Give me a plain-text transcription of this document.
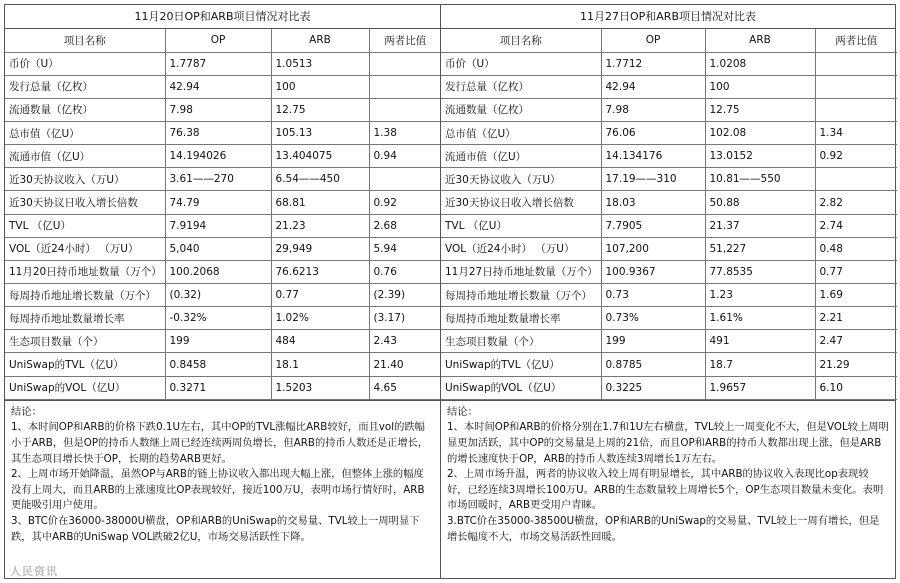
11月20日OP和ARB项目情况对比表
项目名称	OP	ARB	两者比值
币价（U）	1.7787	1.0513	
发行总量（亿枚）	42.94	100	
流通数量（亿枚）	7.98	12.75	
总市值（亿U）	76.38	105.13	1.38
流通市值（亿U）	14.194026	13.404075	0.94
近30天协议收入（万U）	3.61——270	6.54——450	
近30天协议日收入增长倍数	74.79	68.81	0.92
TVL （亿U）	7.9194	21.23	2.68
VOL（近24小时） （万U）	5,040	29,949	5.94
11月20日持币地址数量（万个）	100.2068	76.6213	0.76
每周持币地址增长数量（万个）	(0.32)	0.77	(2.39)
每周持币地址数量增长率	-0.32%	1.02%	(3.17)
生态项目数量（个）	199	484	2.43
UniSwap的TVL（亿U）	0.8458	18.1	21.40
UniSwap的VOL（亿U）	0.3271	1.5203	4.65

结论：

1、本时间OP和ARB的价格下跌0.1U左右，其中OP的TVL涨幅比ARB较好，而且vol的跌幅小于ARB，但是OP的持币人数继上周已经连续两周负增长，但ARB的持币人数还是正增长，其生态项目增长快于OP，长期的趋势ARB更好。

2、上周市场开始降温，虽然OP与ARB的链上协议收入都出现大幅上涨，但整体上涨的幅度没有上周大，而且ARB的上涨速度比OP表现较好，接近100万U，表明市场行情好时，ARB更能吸引用户使用。

3、BTC价在36000-38000U横盘，OP和ARB的UniSwap的交易量、TVL较上一周明显下跌，其中ARB的UniSwap VOL跌破2亿U，市场交易活跃性下降。

11月27日OP和ARB项目情况对比表
项目名称	OP	ARB	两者比值
币价（U）	1.7712	1.0208	
发行总量（亿枚）	42.94	100	
流通数量（亿枚）	7.98	12.75	
总市值（亿U）	76.06	102.08	1.34
流通市值（亿U）	14.134176	13.0152	0.92
近30天协议收入（万U）	17.19——310	10.81——550	
近30天协议日收入增长倍数	18.03	50.88	2.82
TVL （亿U）	7.7905	21.37	2.74
VOL（近24小时） （万U）	107,200	51,227	0.48
11月27日持币地址数量（万个）	100.9367	77.8535	0.77
每周持币地址增长数量（万个）	0.73	1.23	1.69
每周持币地址数量增长率	0.73%	1.61%	2.21
生态项目数量（个）	199	491	2.47
UniSwap的TVL（亿U）	0.8785	18.7	21.29
UniSwap的VOL（亿U）	0.3225	1.9657	6.10

结论：

1、本时间OP和ARB的价格分别在1.7和1U左右横盘，TVL较上一周变化不大，但是VOL较上周明显更加活跃，其中OP的交易量是上周的21倍，而且OP和ARB的持币人数都出现上涨，但是ARB的增长速度快于OP，ARB的持币人数连续3周增长1万左右。

2、上周市场升温，两者的协议收入较上周有明显增长，其中ARB的协议收入表现比op表现较好，已经连续3周增长100万U。ARB的生态数量较上周增长5个，OP生态项目数量未变化。表明市场回暖时，ARB更受用户青睐。

3.BTC价在35000-38500U横盘，OP和ARB的UniSwap的交易量、TVL较上一周有增长，但是增长幅度不大，市场交易活跃性回暖。

人民资讯
